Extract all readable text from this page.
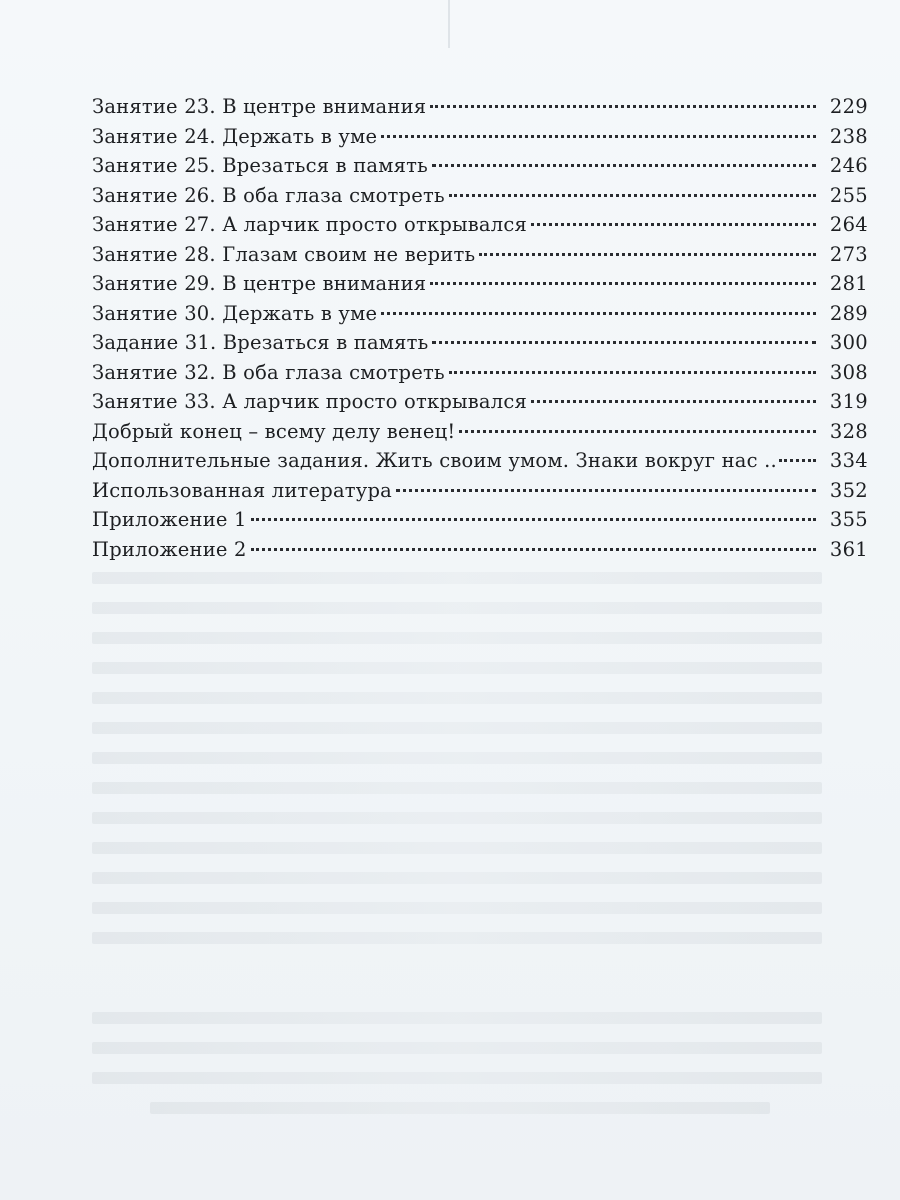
Занятие 23. В центре внимания	229
Занятие 24. Держать в уме	238
Занятие 25. Врезаться в память	246
Занятие 26. В оба глаза смотреть	255
Занятие 27. А ларчик просто открывался	264
Занятие 28. Глазам своим не верить	273
Занятие 29. В центре внимания	281
Занятие 30. Держать в уме	289
Задание 31. Врезаться в память	300
Занятие 32. В оба глаза смотреть	308
Занятие 33. А ларчик просто открывался	319
Добрый конец – всему делу венец!	328
Дополнительные задания. Жить своим умом. Знаки вокруг нас ..	334
Использованная литература	352
Приложение 1	355
Приложение 2	361
